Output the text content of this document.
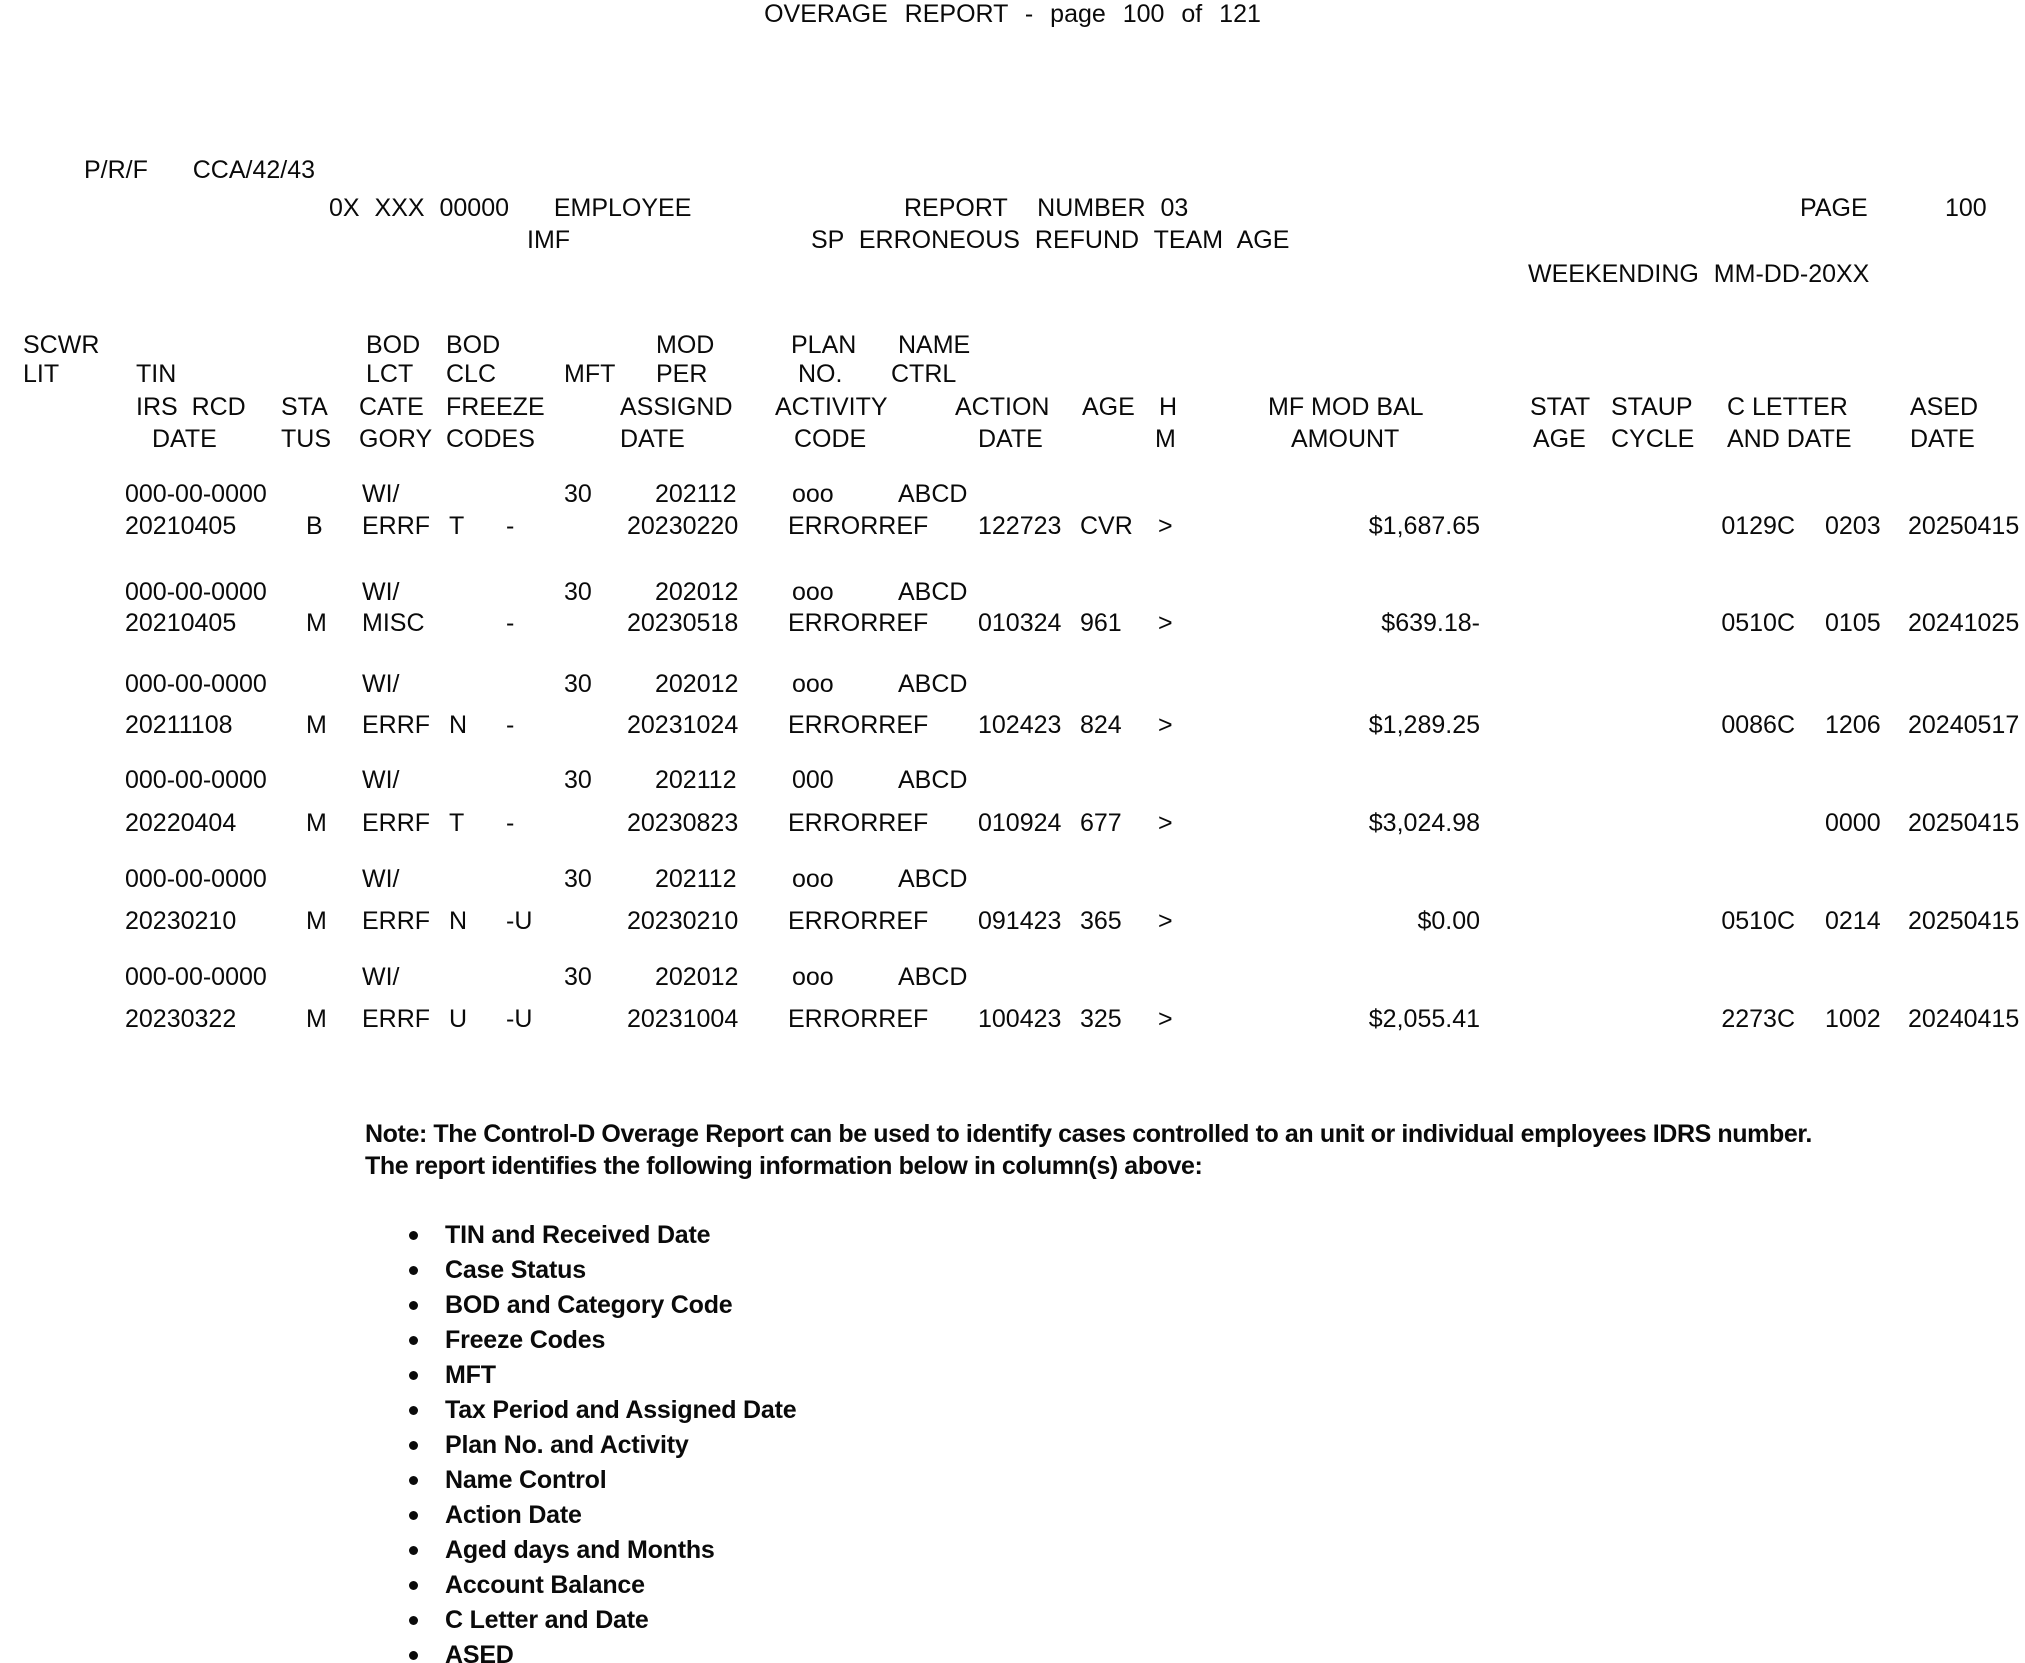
OVERAGE REPORT - page 100 of 121
P/R/F   CCA/42/43
0X XXX 00000   EMPLOYEE	REPORT  NUMBER 03	PAGE	100
IMF	SP ERRONEOUS REFUND TEAM AGE
WEEKENDING MM-DD-20XX
SCWR	BOD BOD	MOD	PLAN NAME
LIT	TIN	LCT CLC	MFT PER	NO. CTRL
IRS  RCD STA CATE FREEZE	ASSIGND ACTIVITY	ACTION AGE H	MF MOD BAL	STAT STAUP C LETTER ASED
DATE	TUS GORY CODES	DATE	CODE	DATE	M	AMOUNT	AGE CYCLE AND DATE DATE
000-00-0000	WI/	30	202112 ooo	ABCD
20210405	B ERRF T -	20230220 ERRORREF 122723 CVR >	$1,687.65	0129C 0203 20250415
000-00-0000	WI/	30	202012 ooo	ABCD
20210405	M MISC	-	20230518 ERRORREF 010324 961 >	$639.18-	0510C 0105 20241025
000-00-0000	WI/	30	202012 ooo	ABCD
20211108	M ERRF N -	20231024 ERRORREF 102423 824 >	$1,289.25	0086C 1206 20240517
000-00-0000	WI/	30	202112 000	ABCD
20220404	M ERRF T -	20230823 ERRORREF 010924 677 >	$3,024.98	0000 20250415
000-00-0000	WI/	30	202112 ooo	ABCD
20230210	M ERRF N -U	20230210 ERRORREF 091423 365 >	$0.00	0510C 0214 20250415
000-00-0000	WI/	30	202012 ooo	ABCD
20230322	M ERRF U -U	20231004 ERRORREF 100423 325 >	$2,055.41	2273C 1002 20240415
Note: The Control-D Overage Report can be used to identify cases controlled to an unit or individual employees IDRS number.
The report identifies the following information below in column(s) above:
TIN and Received Date
Case Status
BOD and Category Code
Freeze Codes
MFT
Tax Period and Assigned Date
Plan No. and Activity
Name Control
Action Date
Aged days and Months
Account Balance
C Letter and Date
ASED
